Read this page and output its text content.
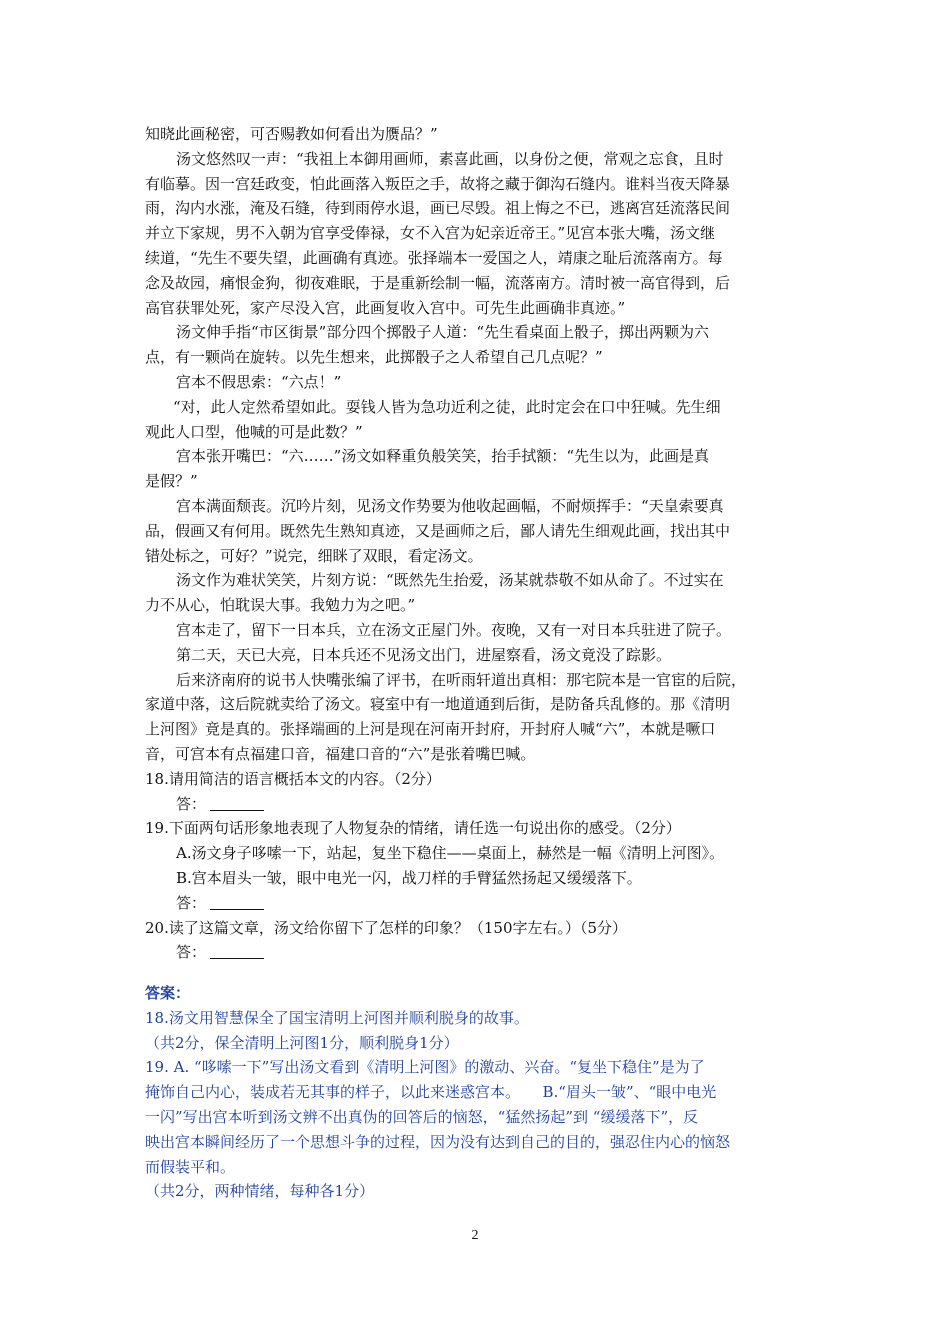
知晓此画秘密，可否赐教如何看出为赝品？”
汤文悠然叹一声：“我祖上本御用画师，素喜此画，以身份之便，常观之忘食，且时
有临摹。因一宫廷政变，怕此画落入叛臣之手，故将之藏于御沟石缝内。谁料当夜天降暴
雨，沟内水涨，淹及石缝，待到雨停水退，画已尽毁。祖上悔之不已，逃离宫廷流落民间
并立下家规，男不入朝为官享受俸禄，女不入宫为妃亲近帝王。”见宫本张大嘴，汤文继
续道，“先生不要失望，此画确有真迹。张择端本一爱国之人，靖康之耻后流落南方。每
念及故园，痛恨金狗，彻夜难眠，于是重新绘制一幅，流落南方。清时被一高官得到，后
高官获罪处死，家产尽没入宫，此画复收入宫中。可先生此画确非真迹。”
汤文伸手指“市区街景”部分四个掷骰子人道：“先生看桌面上骰子，掷出两颗为六
点，有一颗尚在旋转。以先生想来，此掷骰子之人希望自己几点呢？”
宫本不假思索：“六点！”
“对，此人定然希望如此。耍钱人皆为急功近利之徒，此时定会在口中狂喊。先生细
观此人口型，他喊的可是此数？”
宫本张开嘴巴：“六……”汤文如释重负般笑笑，抬手拭额：“先生以为，此画是真
是假？”
宫本满面颓丧。沉吟片刻，见汤文作势要为他收起画幅，不耐烦挥手：“天皇索要真
品，假画又有何用。既然先生熟知真迹，又是画师之后，鄙人请先生细观此画，找出其中
错处标之，可好？”说完，细眯了双眼，看定汤文。
汤文作为难状笑笑，片刻方说：“既然先生抬爱，汤某就恭敬不如从命了。不过实在
力不从心，怕耽误大事。我勉力为之吧。”
宫本走了，留下一日本兵，立在汤文正屋门外。夜晚，又有一对日本兵驻进了院子。
第二天，天已大亮，日本兵还不见汤文出门，进屋察看，汤文竟没了踪影。
后来济南府的说书人快嘴张编了评书，在听雨轩道出真相：那宅院本是一官宦的后院，
家道中落，这后院就卖给了汤文。寝室中有一地道通到后街，是防备兵乱修的。那《清明
上河图》竟是真的。张择端画的上河是现在河南开封府，开封府人喊“六”，本就是噘口
音，可宫本有点福建口音，福建口音的“六”是张着嘴巴喊。
18.请用简洁的语言概括本文的内容。（2分）
答：
19.下面两句话形象地表现了人物复杂的情绪，请任选一句说出你的感受。（2分）
A.汤文身子哆嗦一下，站起，复坐下稳住——桌面上，赫然是一幅《清明上河图》。
B.宫本眉头一皱，眼中电光一闪，战刀样的手臂猛然扬起又缓缓落下。
答：
20.读了这篇文章，汤文给你留下了怎样的印象？（150字左右。）（5分）
答：
答案：
18.汤文用智慧保全了国宝清明上河图并顺利脱身的故事。
（共2分，保全清明上河图1分，顺利脱身1分）
19. A. “哆嗦一下”写出汤文看到《清明上河图》的激动、兴奋。“复坐下稳住”是为了
掩饰自己内心，装成若无其事的样子，以此来迷惑宫本。　　B.“眉头一皱”、“眼中电光
一闪”写出宫本听到汤文辨不出真伪的回答后的恼怒，“猛然扬起”到 “缓缓落下”，反
映出宫本瞬间经历了一个思想斗争的过程，因为没有达到自己的目的，强忍住内心的恼怒
而假装平和。
（共2分，两种情绪，每种各1分）
2
